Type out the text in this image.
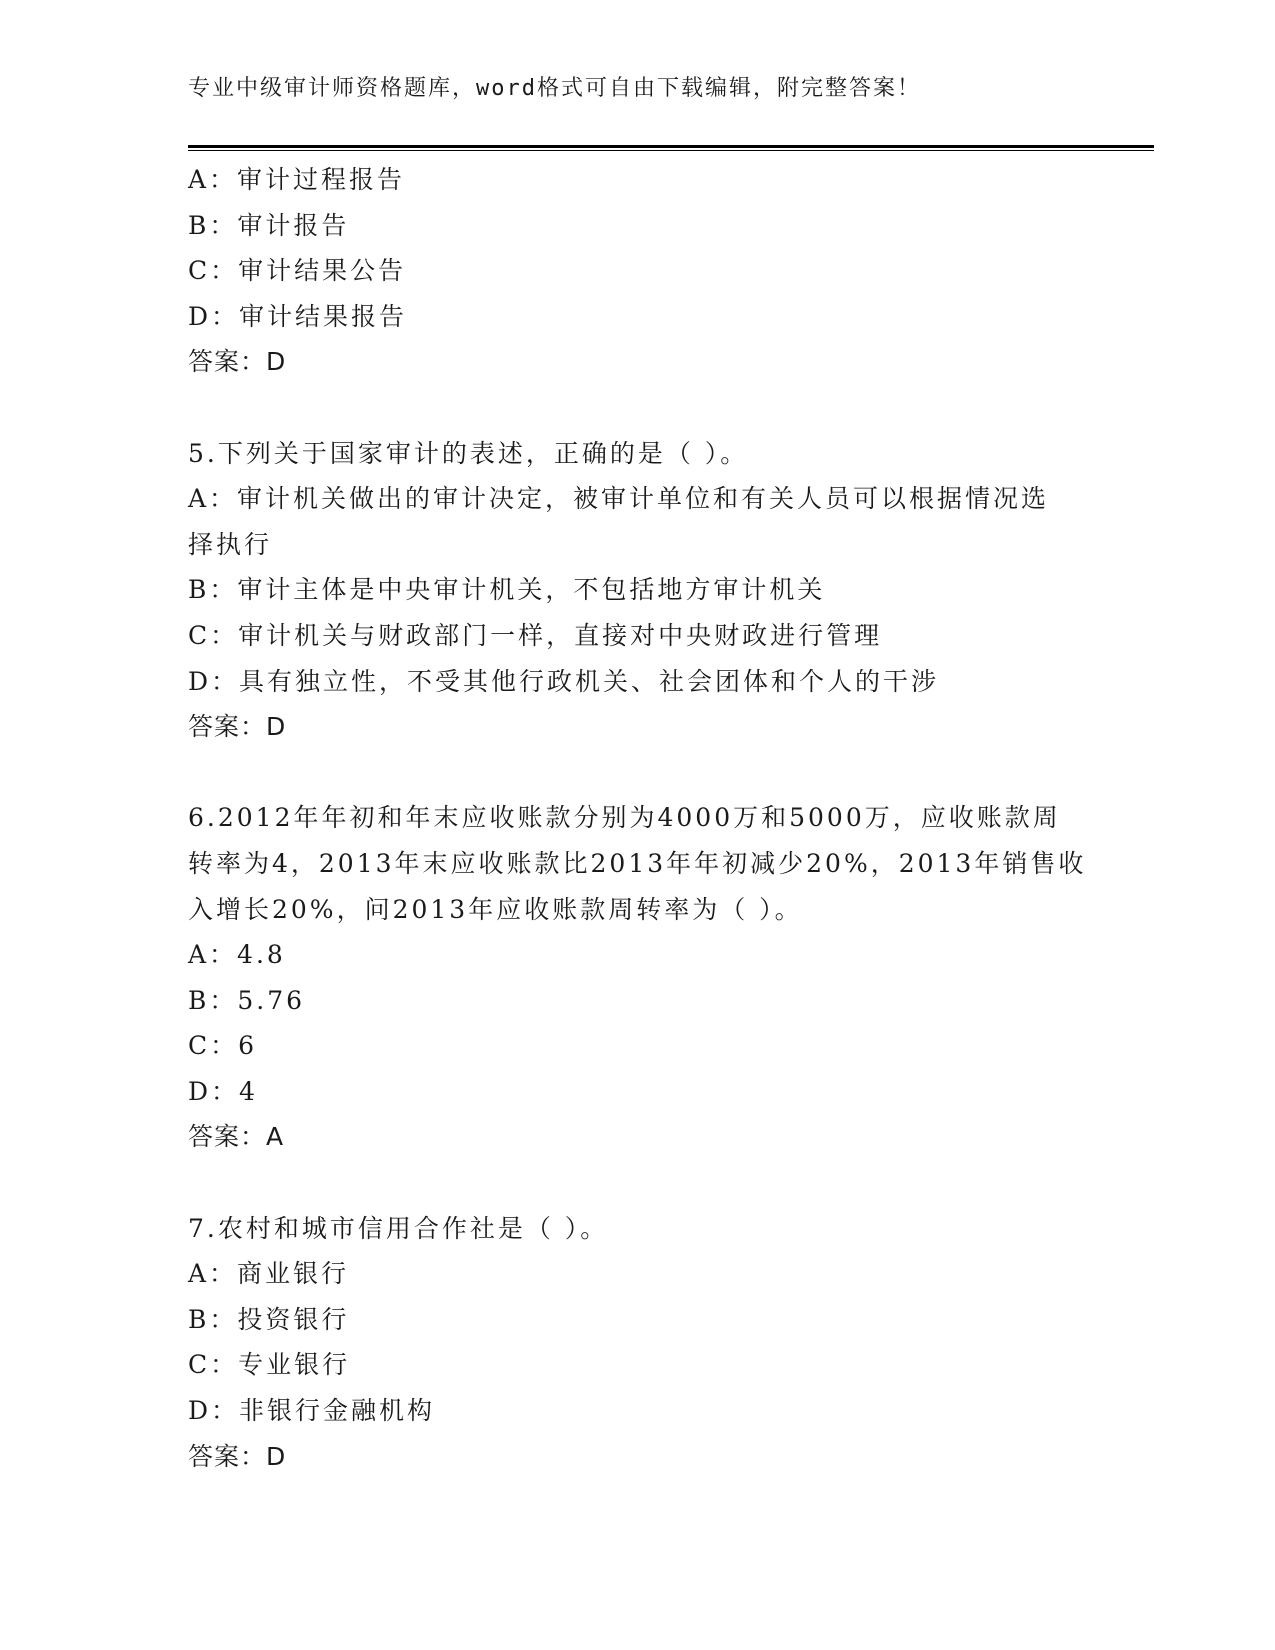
专业中级审计师资格题库，word格式可自由下载编辑，附完整答案！
A：审计过程报告
B：审计报告
C：审计结果公告
D：审计结果报告
答案：D
5.下列关于国家审计的表述，正确的是（ ）。
A：审计机关做出的审计决定，被审计单位和有关人员可以根据情况选
择执行
B：审计主体是中央审计机关，不包括地方审计机关
C：审计机关与财政部门一样，直接对中央财政进行管理
D：具有独立性，不受其他行政机关、社会团体和个人的干涉
答案：D
6.2012年年初和年末应收账款分别为4000万和5000万，应收账款周
转率为4，2013年末应收账款比2013年年初减少20%，2013年销售收
入增长20%，问2013年应收账款周转率为（ ）。
A：4.8
B：5.76
C：6
D：4
答案：A
7.农村和城市信用合作社是（ ）。
A：商业银行
B：投资银行
C：专业银行
D：非银行金融机构
答案：D
